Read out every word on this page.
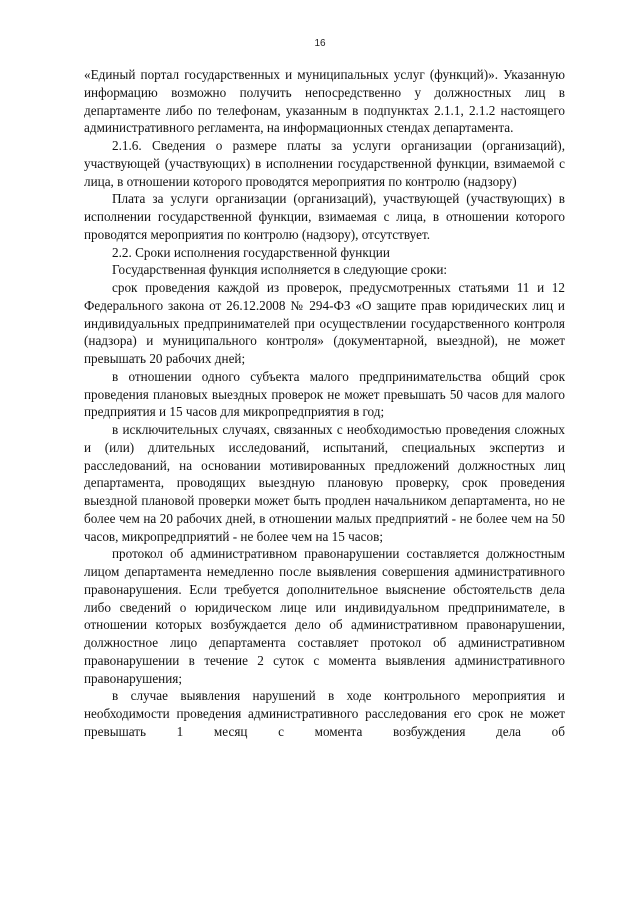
16

«Единый портал государственных и муниципальных услуг (функций)». Указанную информацию возможно получить непосредственно у должностных лиц в департаменте либо по телефонам, указанным в подпунктах 2.1.1, 2.1.2 настоящего административного регламента, на информационных стендах департамента.

2.1.6. Сведения о размере платы за услуги организации (организаций), участвующей (участвующих) в исполнении государственной функции, взимаемой с лица, в отношении которого проводятся мероприятия по контролю (надзору)

Плата за услуги организации (организаций), участвующей (участвующих) в исполнении государственной функции, взимаемая с лица, в отношении которого проводятся мероприятия по контролю (надзору), отсутствует.

2.2. Сроки исполнения государственной функции

Государственная функция исполняется в следующие сроки:

срок проведения каждой из проверок, предусмотренных статьями 11 и 12 Федерального закона от 26.12.2008 № 294-ФЗ «О защите прав юридических лиц и индивидуальных предпринимателей при осуществлении государственного контроля (надзора) и муниципального контроля» (документарной, выездной), не может превышать 20 рабочих дней;

в отношении одного субъекта малого предпринимательства общий срок проведения плановых выездных проверок не может превышать 50 часов для малого предприятия и 15 часов для микропредприятия в год;

в исключительных случаях, связанных с необходимостью проведения сложных и (или) длительных исследований, испытаний, специальных экспертиз и расследований, на основании мотивированных предложений должностных лиц департамента, проводящих выездную плановую проверку, срок проведения выездной плановой проверки может быть продлен начальником департамента, но не более чем на 20 рабочих дней, в отношении малых предприятий - не более чем на 50 часов, микропредприятий - не более чем на 15 часов;

протокол об административном правонарушении составляется должностным лицом департамента немедленно после выявления совершения административного правонарушения. Если требуется дополнительное выяснение обстоятельств дела либо сведений о юридическом лице или индивидуальном предпринимателе, в отношении которых возбуждается дело об административном правонарушении, должностное лицо департамента составляет протокол об административном правонарушении в течение 2 суток с момента выявления административного правонарушения;

в случае выявления нарушений в ходе контрольного мероприятия и необходимости проведения административного расследования его срок не может превышать 1 месяц с момента возбуждения дела об
